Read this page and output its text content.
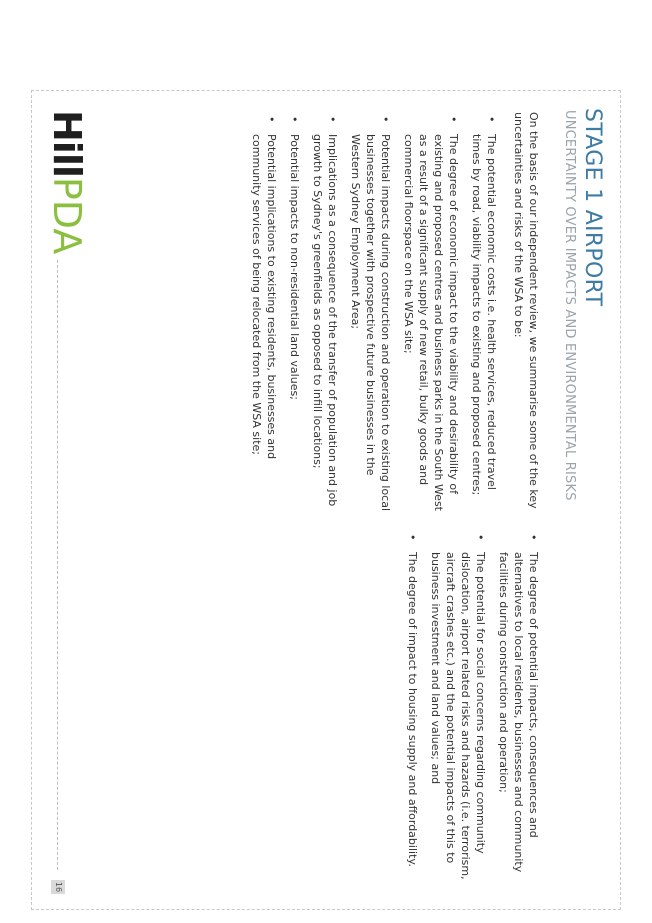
STAGE 1 AIRPORT
UNCERTAINTY OVER IMPACTS AND ENVIRONMENTAL RISKS

On the basis of our independent review, we summarise some of the key uncertainties and risks of the WSA to be:

•
The potential economic costs i.e. health services, reduced travel times by road, viability impacts to existing and proposed centres;
•
The degree of economic impact to the viability and desirability of existing and proposed centres and business parks in the South West as a result of a significant supply of new retail, bulky goods and commercial floorspace on the WSA site;
•
Potential impacts during construction and operation to existing local businesses together with prospective future businesses in the Western Sydney Employment Area;
•
Implications as a consequence of the transfer of population and job growth to Sydney's greenfields as opposed to infill locations;
•
Potential impacts to non-residential land values;
•
Potential implications to existing residents, businesses and community services of being relocated from the WSA site;
•
The degree of potential impacts, consequences and alternatives to local residents, businesses and community facilities during construction and operation;
•
The potential for social concerns regarding community dislocation, airport related risks and hazards (i.e. terrorism, aircraft crashes etc.) and the potential impacts of this to business investment and land values; and
•
The degree of impact to housing supply and affordability.
Hill
PDA
16
